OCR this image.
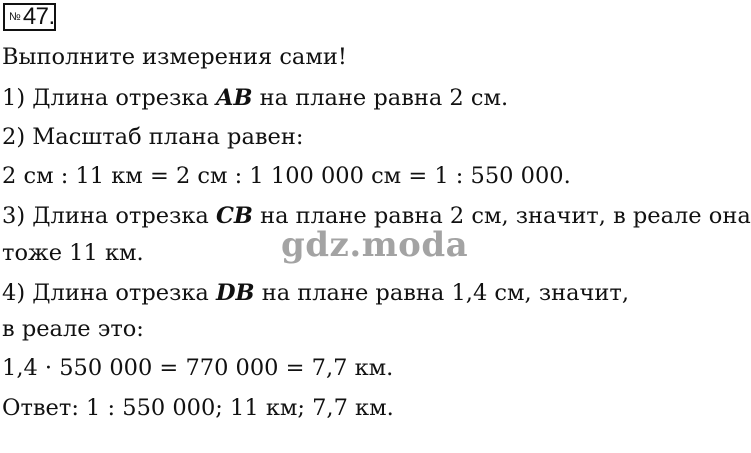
№ 47.
Выполните измерения сами!
1) Длина отрезка AB на плане равна 2 см.
2) Масштаб плана равен:
2 см : 11 км = 2 см : 1 100 000 см = 1 : 550 000.
3) Длина отрезка CB на плане равна 2 см, значит, в реале она
тоже 11 км.
4) Длина отрезка DB на плане равна 1,4 см, значит,
в реале это:
1,4 · 550 000 = 770 000 = 7,7 км.
Ответ: 1 : 550 000; 11 км; 7,7 км.
gdz.moda
